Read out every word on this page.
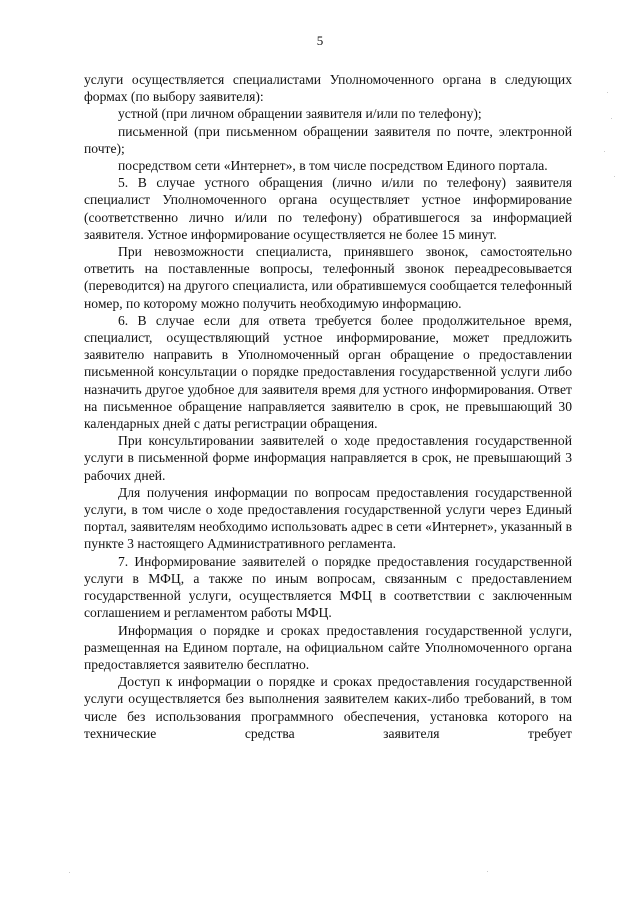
5

услуги осуществляется специалистами Уполномоченного органа в следующих формах (по выбору заявителя):

устной (при личном обращении заявителя и/или по телефону);

письменной (при письменном обращении заявителя по почте, электронной почте);

посредством сети «Интернет», в том числе посредством Единого портала.

5. В случае устного обращения (лично и/или по телефону) заявителя специалист Уполномоченного органа осуществляет устное информирование (соответственно лично и/или по телефону) обратившегося за информацией заявителя. Устное информирование осуществляется не более 15 минут.

При невозможности специалиста, принявшего звонок, самостоятельно ответить на поставленные вопросы, телефонный звонок переадресовывается (переводится) на другого специалиста, или обратившемуся сообщается телефонный номер, по которому можно получить необходимую информацию.

6. В случае если для ответа требуется более продолжительное время, специалист, осуществляющий устное информирование, может предложить заявителю направить в Уполномоченный орган обращение о предоставлении письменной консультации о порядке предоставления государственной услуги либо назначить другое удобное для заявителя время для устного информирования. Ответ на письменное обращение направляется заявителю в срок, не превышающий 30 календарных дней с даты регистрации обращения.

При консультировании заявителей о ходе предоставления государственной услуги в письменной форме информация направляется в срок, не превышающий 3 рабочих дней.

Для получения информации по вопросам предоставления государственной услуги, в том числе о ходе предоставления государственной услуги через Единый портал, заявителям необходимо использовать адрес в сети «Интернет», указанный в пункте 3 настоящего Административного регламента.

7. Информирование заявителей о порядке предоставления государственной услуги в МФЦ, а также по иным вопросам, связанным с предоставлением государственной услуги, осуществляется МФЦ в соответствии с заключенным соглашением и регламентом работы МФЦ.

Информация о порядке и сроках предоставления государственной услуги, размещенная на Едином портале, на официальном сайте Уполномоченного органа предоставляется заявителю бесплатно.

Доступ к информации о порядке и сроках предоставления государственной услуги осуществляется без выполнения заявителем каких-либо требований, в том числе без использования программного обеспечения, установка которого на технические средства заявителя требует
